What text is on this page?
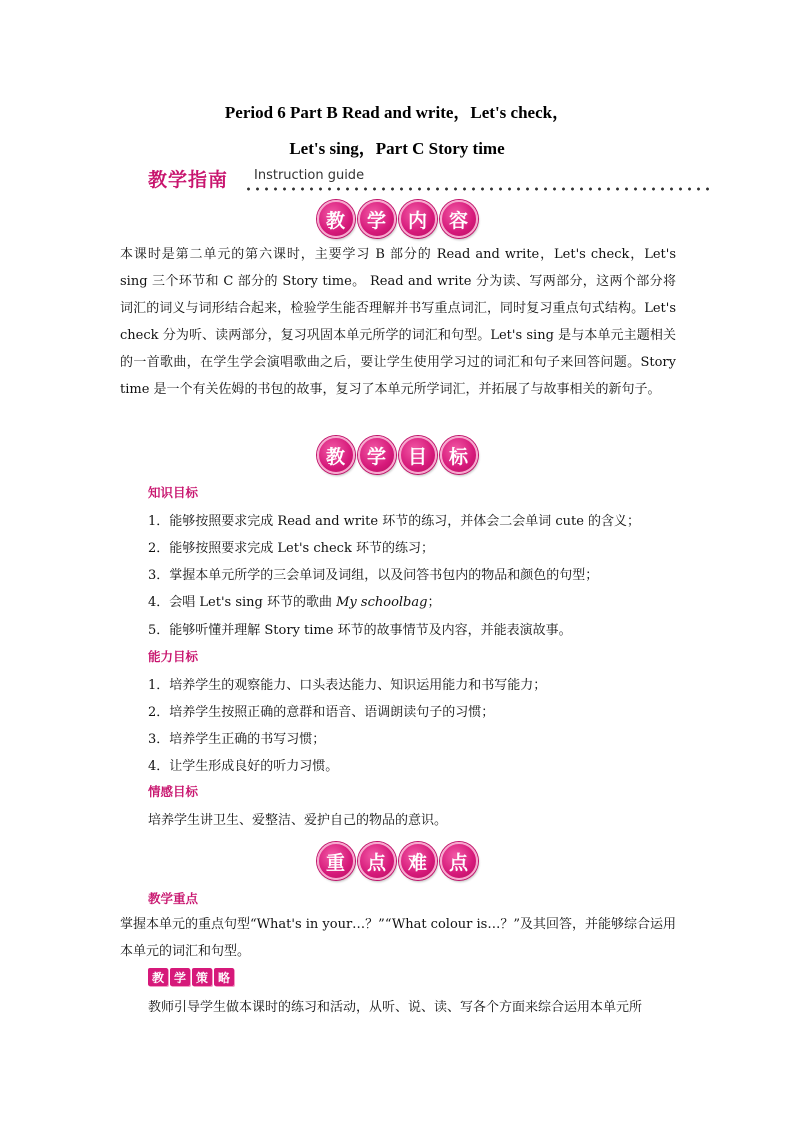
Period 6 Part B Read and write，Let's check，
Let's sing，Part C Story time
教学指南 Instruction guide
教	学	内	容

本课时是第二单元的第六课时，主要学习 B 部分的 Read and write，Let's check，Let's sing 三个环节和 C 部分的 Story time。 Read and write 分为读、写两部分，这两个部分将词汇的词义与词形结合起来，检验学生能否理解并书写重点词汇，同时复习重点句式结构。Let's check 分为听、读两部分，复习巩固本单元所学的词汇和句型。Let's sing 是与本单元主题相关的一首歌曲，在学生学会演唱歌曲之后，要让学生使用学习过的词汇和句子来回答问题。Story time 是一个有关佐姆的书包的故事，复习了本单元所学词汇，并拓展了与故事相关的新句子。

教	学	目	标
知识目标
1．能够按照要求完成 Read and write 环节的练习，并体会二会单词 cute 的含义；
2．能够按照要求完成 Let's check 环节的练习；
3．掌握本单元所学的三会单词及词组，以及问答书包内的物品和颜色的句型；
4．会唱 Let's sing 环节的歌曲 My schoolbag；
5．能够听懂并理解 Story time 环节的故事情节及内容，并能表演故事。
能力目标
1．培养学生的观察能力、口头表达能力、知识运用能力和书写能力；
2．培养学生按照正确的意群和语音、语调朗读句子的习惯；
3．培养学生正确的书写习惯；
4．让学生形成良好的听力习惯。
情感目标
培养学生讲卫生、爱整洁、爱护自己的物品的意识。
重	点	难	点
教学重点

掌握本单元的重点句型“What's in your…？”“What colour is…？”及其回答，并能够综合运用本单元的词汇和句型。

教 学 策 略
教师引导学生做本课时的练习和活动，从听、说、读、写各个方面来综合运用本单元所
